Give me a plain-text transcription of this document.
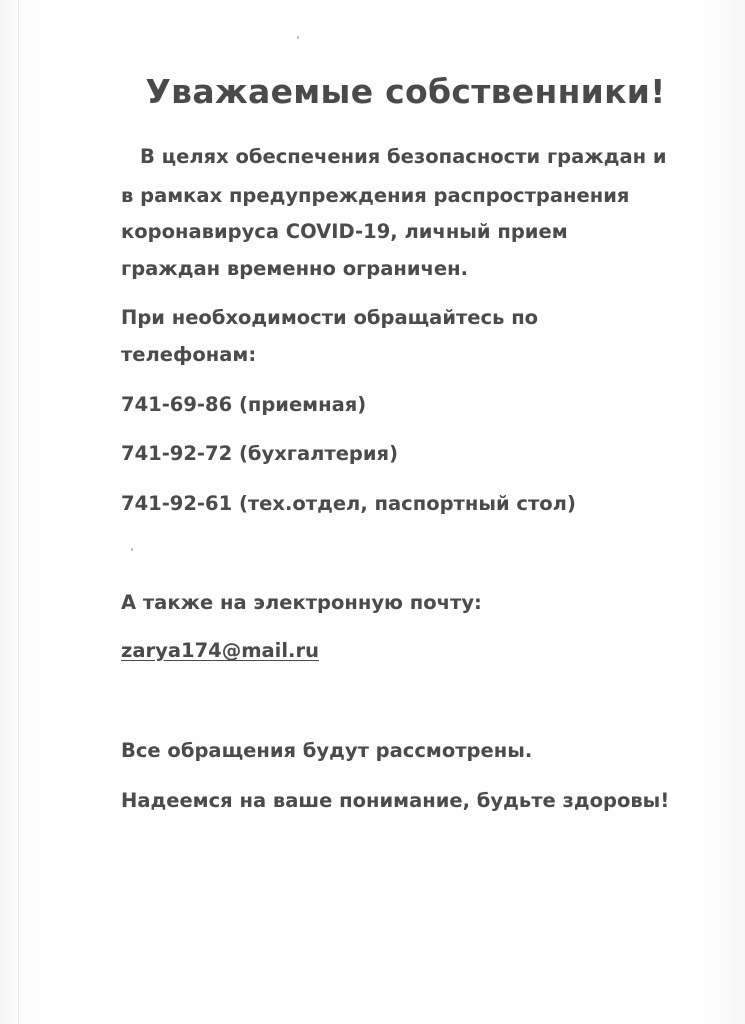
Уважаемые собственники!
В целях обеспечения безопасности граждан и
в рамках предупреждения распространения
коронавируса COVID-19, личный прием
граждан временно ограничен.
При необходимости обращайтесь по
телефонам:
741-69-86 (приемная)
741-92-72 (бухгалтерия)
741-92-61 (тех.отдел, паспортный стол)
А также на электронную почту:
zarya174@mail.ru
Все обращения будут рассмотрены.
Надеемся на ваше понимание, будьте здоровы!
